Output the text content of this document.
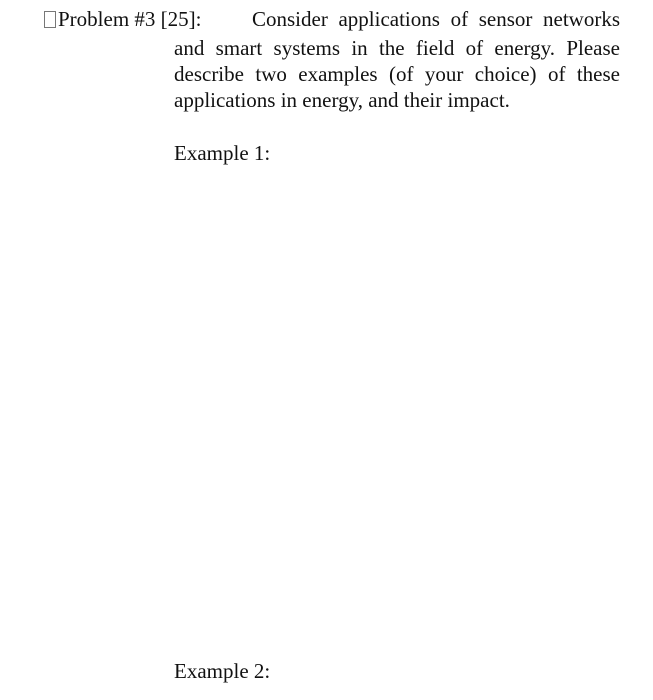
Problem #3 [25]: Consider applications of sensor networks
and smart systems in the field of energy. Please
describe two examples (of your choice) of these
applications in energy, and their impact.
Example 1:
Example 2:
